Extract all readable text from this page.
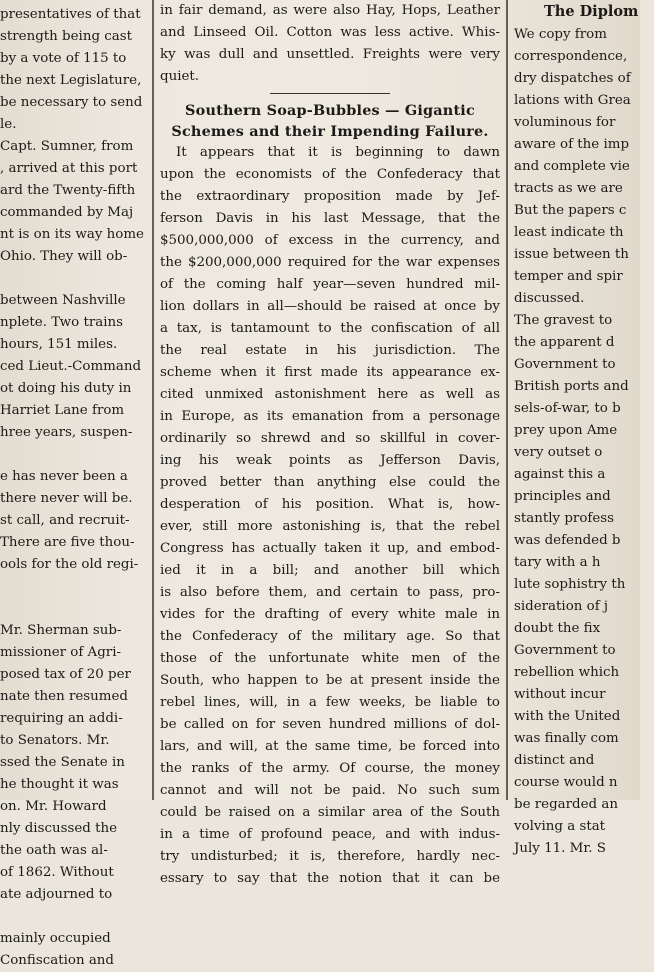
presentatives of that
strength being cast
by a vote of 115 to
the next Legislature,
be necessary to send
le.
Capt. Sumner, from
, arrived at this port
ard the Twenty-fifth
commanded by Maj
nt is on its way home
Ohio. They will ob-
between Nashville
nplete. Two trains
hours, 151 miles.
ced Lieut.-Command
ot doing his duty in
Harriet Lane from
hree years, suspen-
e has never been a
there never will be.
st call, and recruit-
There are five thou-
ools for the old regi-
Mr. Sherman sub-
missioner of Agri-
posed tax of 20 per
nate then resumed
requiring an addi-
to Senators. Mr.
ssed the Senate in
he thought it was
on. Mr. Howard
nly discussed the
the oath was al-
of 1862. Without
ate adjourned to
mainly occupied
Confiscation and
in fair demand, as were also Hay, Hops, Leather
and Linseed Oil. Cotton was less active. Whis-
ky was dull and unsettled. Freights were very
quiet.
Southern Soap-Bubbles — Gigantic
Schemes and their Impending Failure.
It appears that it is beginning to dawn
upon the economists of the Confederacy that
the extraordinary proposition made by Jef-
ferson Davis in his last Message, that the
$500,000,000 of excess in the currency, and
the $200,000,000 required for the war expenses
of the coming half year—seven hundred mil-
lion dollars in all—should be raised at once by
a tax, is tantamount to the confiscation of all
the real estate in his jurisdiction. The
scheme when it first made its appearance ex-
cited unmixed astonishment here as well as
in Europe, as its emanation from a personage
ordinarily so shrewd and so skillful in cover-
ing his weak points as Jefferson Davis,
proved better than anything else could the
desperation of his position. What is, how-
ever, still more astonishing is, that the rebel
Congress has actually taken it up, and embod-
ied it in a bill; and another bill which
is also before them, and certain to pass, pro-
vides for the drafting of every white male in
the Confederacy of the military age. So that
those of the unfortunate white men of the
South, who happen to be at present inside the
rebel lines, will, in a few weeks, be liable to
be called on for seven hundred millions of dol-
lars, and will, at the same time, be forced into
the ranks of the army. Of course, the money
cannot and will not be paid. No such sum
could be raised on a similar area of the South
in a time of profound peace, and with indus-
try undisturbed; it is, therefore, hardly nec-
essary to say that the notion that it can be
The Diplom
We copy from
correspondence,
dry dispatches of
lations with Grea
voluminous for
aware of the imp
and complete vie
tracts as we are
But the papers c
least indicate th
issue between th
temper and spir
discussed.
The gravest to
the apparent d
Government to
British ports and
sels-of-war, to b
prey upon Ame
very outset o
against this a
principles and
stantly profess
was defended b
tary with a h
lute sophistry th
sideration of j
doubt the fix
Government to
rebellion which
without incur
with the United
was finally com
distinct and
course would n
be regarded an
volving a stat
July 11. Mr. S
